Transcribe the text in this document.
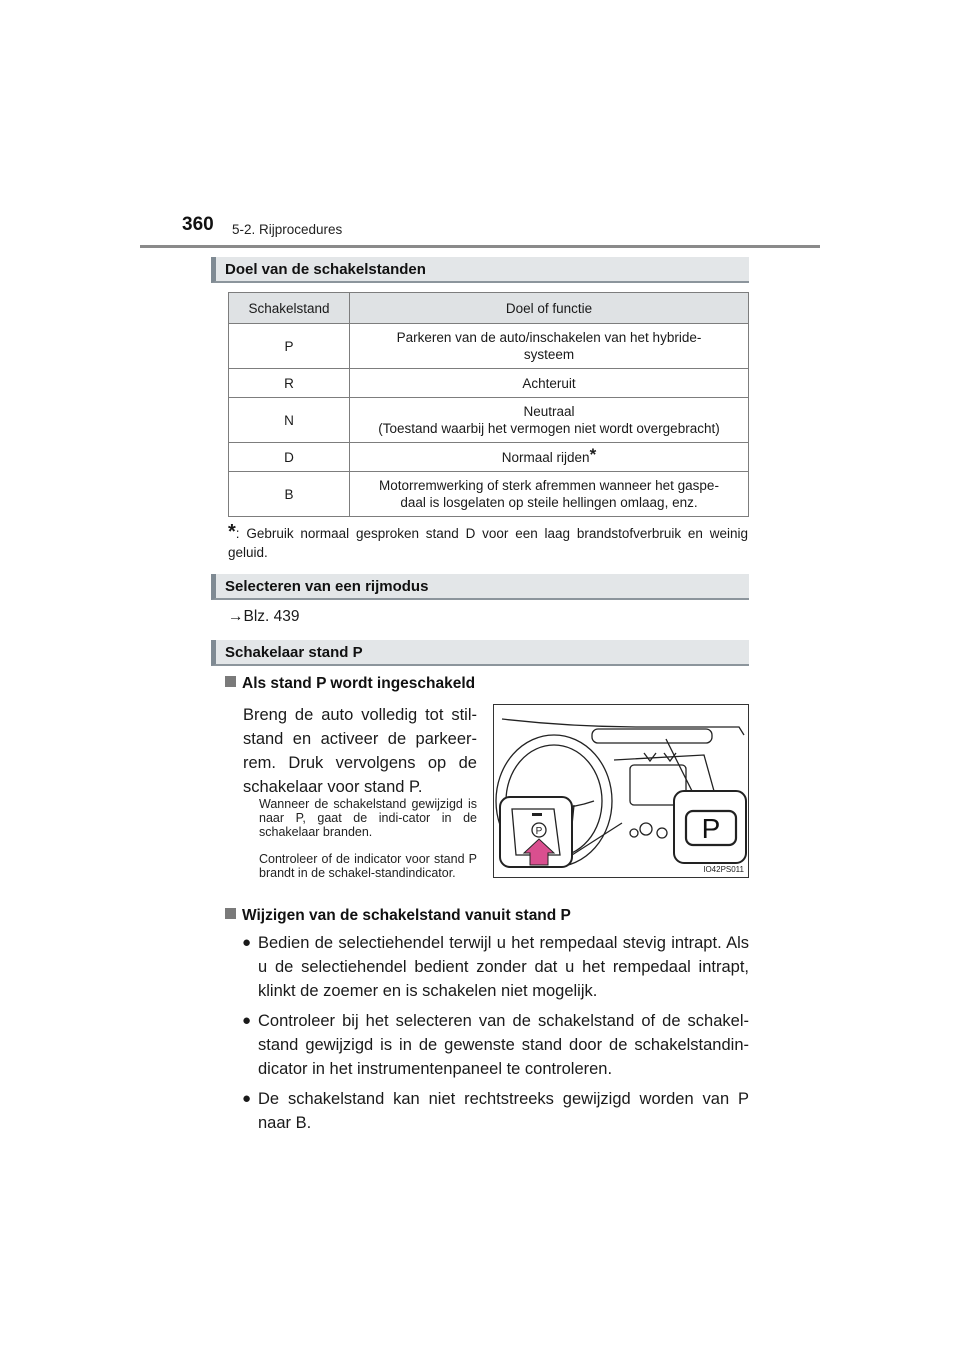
360 5-2. Rijprocedures
Doel van de schakelstanden
Schakelstand	Doel of functie
P	Parkeren van de auto/inschakelen van het hybride-
systeem
R	Achteruit
N	Neutraal
(Toestand waarbij het vermogen niet wordt overgebracht)
D	Normaal rijden*
B	Motorremwerking of sterk afremmen wanneer het gaspe-
daal is losgelaten op steile hellingen omlaag, enz.
*: Gebruik normaal gesproken stand D voor een laag brandstofverbruik en weinig geluid.
Selecteren van een rijmodus
→Blz. 439
Schakelaar stand P
Als stand P wordt ingeschakeld
Breng de auto volledig tot stil-stand en activeer de parkeer-rem. Druk vervolgens op de schakelaar voor stand P.
Wanneer de schakelstand gewijzigd is naar P, gaat de indi-cator in de schakelaar branden.
Controleer of de indicator voor stand P brandt in de schakel-standindicator.
P	P
IO42PS011
Wijzigen van de schakelstand vanuit stand P
● Bedien de selectiehendel terwijl u het rempedaal stevig intrapt. Als u de selectiehendel bedient zonder dat u het rempedaal intrapt, klinkt de zoemer en is schakelen niet mogelijk.
● Controleer bij het selecteren van de schakelstand of de schakel-stand gewijzigd is in de gewenste stand door de schakelstandin-dicator in het instrumentenpaneel te controleren.
● De schakelstand kan niet rechtstreeks gewijzigd worden van P naar B.
